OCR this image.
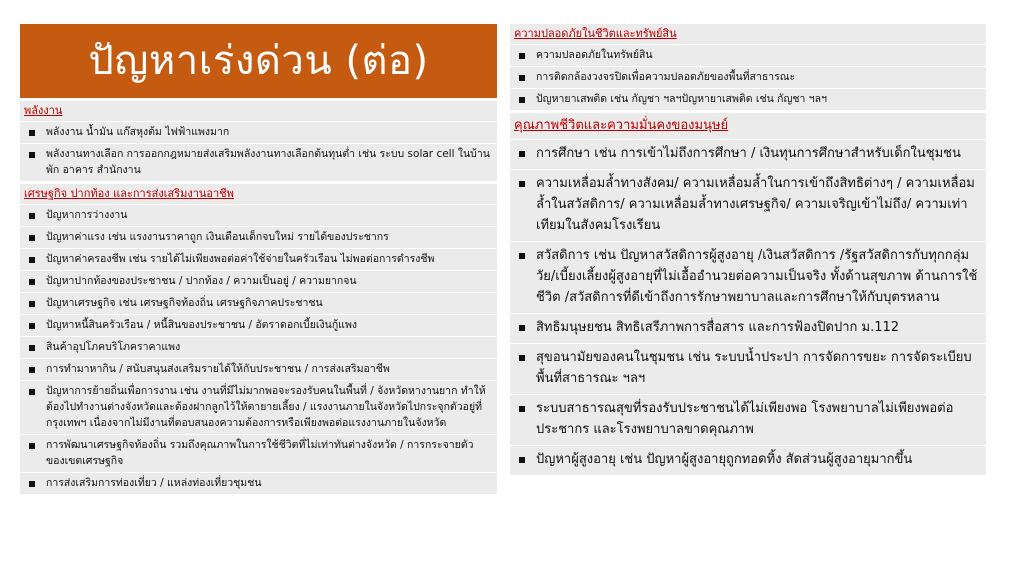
ปัญหาเร่งด่วน (ต่อ)
พลังงาน
พลังงาน น้ำมัน แก๊สหุงต้ม ไฟฟ้าแพงมาก
พลังงานทางเลือก การออกกฎหมายส่งเสริมพลังงานทางเลือกต้นทุนต่ำ เช่น ระบบ solar cell ในบ้านพัก อาคาร สำนักงาน
เศรษฐกิจ ปากท้อง และการส่งเสริมงานอาชีพ
ปัญหาการว่างงาน
ปัญหาค่าแรง เช่น แรงงานราคาถูก เงินเดือนเด็กจบใหม่ รายได้ของประชากร
ปัญหาค่าครองชีพ เช่น รายได้ไม่เพียงพอต่อค่าใช้จ่ายในครัวเรือน ไม่พอต่อการดำรงชีพ
ปัญหาปากท้องของประชาชน / ปากท้อง / ความเป็นอยู่ / ความยากจน
ปัญหาเศรษฐกิจ เช่น เศรษฐกิจท้องถิ่น เศรษฐกิจภาคประชาชน
ปัญหาหนี้สินครัวเรือน / หนี้สินของประชาชน / อัตราดอกเบี้ยเงินกู้แพง
สินค้าอุปโภคบริโภคราคาแพง
การทำมาหากิน / สนับสนุนส่งเสริมรายได้ให้กับประชาชน / การส่งเสริมอาชีพ
ปัญหาการย้ายถิ่นเพื่อการงาน เช่น งานที่มีไม่มากพอจะรองรับคนในพื้นที่ / จังหวัดหางานยาก ทำให้ต้องไปทำงานต่างจังหวัดและต้องฝากลูกไว้ให้ตายายเลี้ยง / แรงงานภายในจังหวัดไปกระจุกตัวอยู่ที่กรุงเทพฯ เนื่องจากไม่มีงานที่ตอบสนองความต้องการหรือเพียงพอต่อแรงงานภายในจังหวัด
การพัฒนาเศรษฐกิจท้องถิ่น รวมถึงคุณภาพในการใช้ชีวิตที่ไม่เท่าทันต่างจังหวัด / การกระจายตัวของเขตเศรษฐกิจ
การส่งเสริมการท่องเที่ยว / แหล่งท่องเที่ยวชุมชน
ความปลอดภัยในชีวิตและทรัพย์สิน
ความปลอดภัยในทรัพย์สิน
การติดกล้องวงจรปิดเพื่อความปลอดภัยของพื้นที่สาธารณะ
ปัญหายาเสพติด เช่น กัญชา ฯลฯปัญหายาเสพติด เช่น กัญชา ฯลฯ
คุณภาพชีวิตและความมั่นคงของมนุษย์
การศึกษา เช่น การเข้าไม่ถึงการศึกษา / เงินทุนการศึกษาสำหรับเด็กในชุมชน
ความเหลื่อมล้ำทางสังคม/ ความเหลื่อมล้ำในการเข้าถึงสิทธิต่างๆ / ความเหลื่อมล้ำในสวัสดิการ/ ความเหลื่อมล้ำทางเศรษฐกิจ/ ความเจริญเข้าไม่ถึง/ ความเท่าเทียมในสังคมโรงเรียน
สวัสดิการ เช่น ปัญหาสวัสดิการผู้สูงอายุ /เงินสวัสดิการ /รัฐสวัสดิการกับทุกกลุ่มวัย/เบี้ยงเลี้ยงผู้สูงอายุที่ไม่เอื้ออำนวยต่อความเป็นจริง ทั้งด้านสุขภาพ ด้านการใช้ชีวิต /สวัสดิการที่ดีเข้าถึงการรักษาพยาบาลและการศึกษาให้กับบุตรหลาน
สิทธิมนุษยชน สิทธิเสรีภาพการสื่อสาร และการฟ้องปิดปาก ม.112
สุขอนามัยของคนในชุมชน เช่น ระบบน้ำประปา การจัดการขยะ การจัดระเบียบพื้นที่สาธารณะ ฯลฯ
ระบบสาธารณสุขที่รองรับประชาชนได้ไม่เพียงพอ โรงพยาบาลไม่เพียงพอต่อประชากร และโรงพยาบาลขาดคุณภาพ
ปัญหาผู้สูงอายุ เช่น ปัญหาผู้สูงอายุถูกทอดทิ้ง สัดส่วนผู้สูงอายุมากขึ้น
